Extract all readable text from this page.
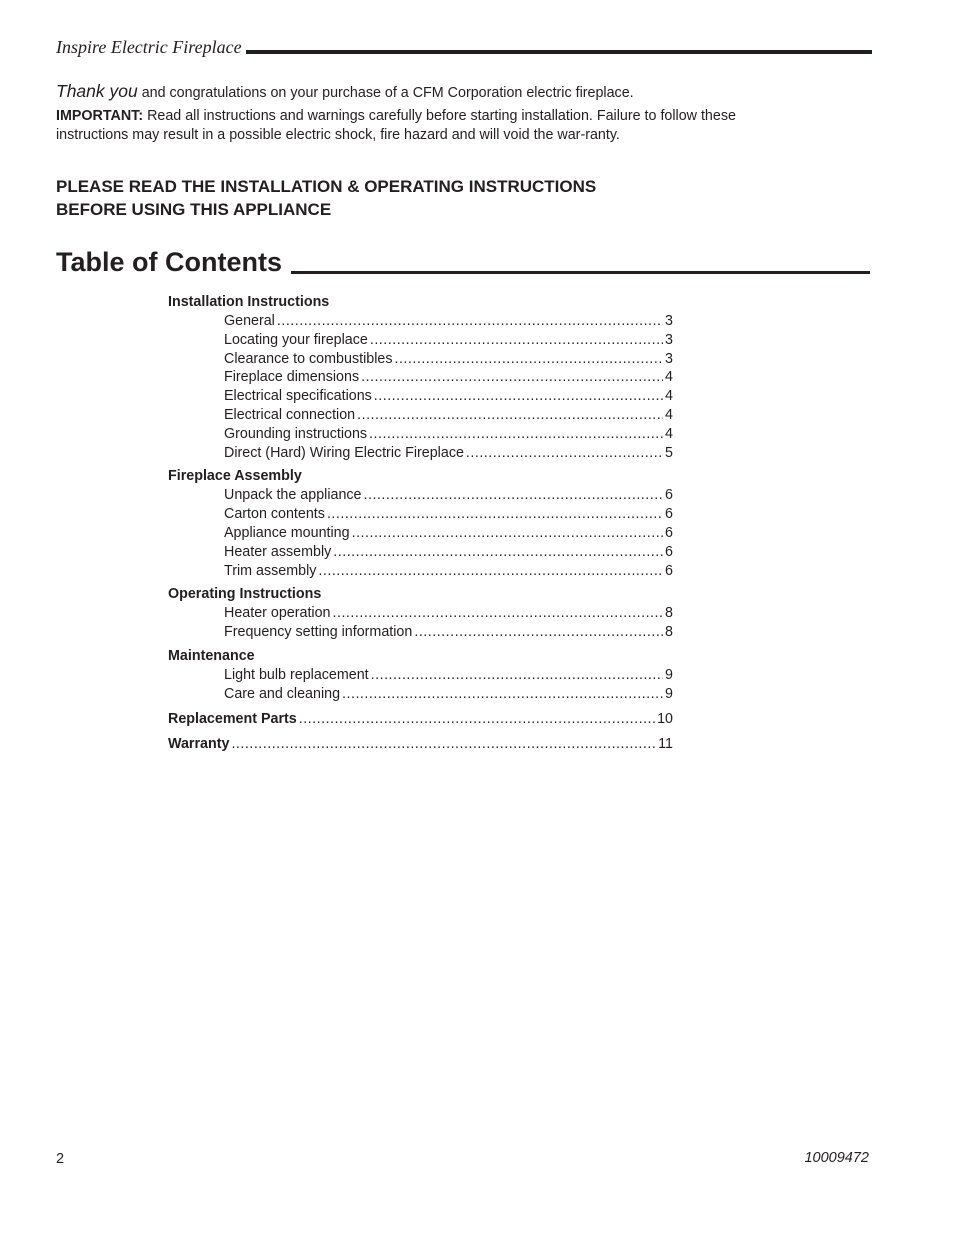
Inspire Electric Fireplace

Thank you and congratulations on your purchase of a CFM Corporation electric fireplace.

IMPORTANT: Read all instructions and warnings carefully before starting installation. Failure to follow these instructions may result in a possible electric shock, fire hazard and will void the war-ranty.

PLEASE READ THE INSTALLATION & OPERATING INSTRUCTIONS
BEFORE USING THIS APPLIANCE
Table of Contents
Installation Instructions
General .....	3
Locating your fireplace .....	3
Clearance to combustibles .....	3
Fireplace dimensions .....	4
Electrical specifications .....	4
Electrical connection .....	4
Grounding instructions .....	4
Direct (Hard) Wiring Electric Fireplace .....	5
Fireplace Assembly
Unpack the appliance .....	6
Carton contents .....	6
Appliance mounting .....	6
Heater assembly .....	6
Trim assembly .....	6
Operating Instructions
Heater operation .....	8
Frequency setting information .....	8
Maintenance
Light bulb replacement .....	9
Care and cleaning .....	9
Replacement Parts .....	10
Warranty .....	11
2	10009472
